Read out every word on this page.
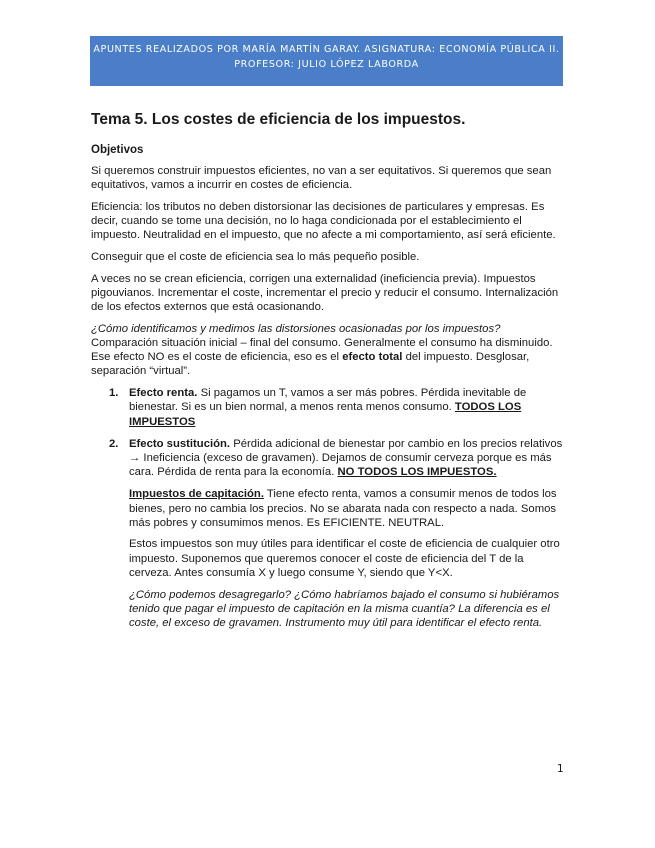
APUNTES REALIZADOS POR MARÍA MARTÍN GARAY. ASIGNATURA: ECONOMÍA PÚBLICA II.
PROFESOR: JULIO LÓPEZ LABORDA
Tema 5. Los costes de eficiencia de los impuestos.
Objetivos

Si queremos construir impuestos eficientes, no van a ser equitativos. Si queremos que sean equitativos, vamos a incurrir en costes de eficiencia.

Eficiencia: los tributos no deben distorsionar las decisiones de particulares y empresas. Es decir, cuando se tome una decisión, no lo haga condicionada por el establecimiento el impuesto. Neutralidad en el impuesto, que no afecte a mi comportamiento, así será eficiente.

Conseguir que el coste de eficiencia sea lo más pequeño posible.

A veces no se crean eficiencia, corrigen una externalidad (ineficiencia previa). Impuestos pigouvianos. Incrementar el coste, incrementar el precio y reducir el consumo. Internalización de los efectos externos que está ocasionando.

¿Cómo identificamos y medimos las distorsiones ocasionadas por los impuestos? Comparación situación inicial – final del consumo. Generalmente el consumo ha disminuido. Ese efecto NO es el coste de eficiencia, eso es el efecto total del impuesto. Desglosar, separación “virtual”.

1. Efecto renta. Si pagamos un T, vamos a ser más pobres. Pérdida inevitable de bienestar. Si es un bien normal, a menos renta menos consumo. TODOS LOS IMPUESTOS

2. Efecto sustitución. Pérdida adicional de bienestar por cambio en los precios relativos → Ineficiencia (exceso de gravamen). Dejamos de consumir cerveza porque es más cara. Pérdida de renta para la economía. NO TODOS LOS IMPUESTOS.

Impuestos de capitación. Tiene efecto renta, vamos a consumir menos de todos los bienes, pero no cambia los precios. No se abarata nada con respecto a nada. Somos más pobres y consumimos menos. Es EFICIENTE. NEUTRAL.

Estos impuestos son muy útiles para identificar el coste de eficiencia de cualquier otro impuesto. Suponemos que queremos conocer el coste de eficiencia del T de la cerveza. Antes consumía X y luego consume Y, siendo que Y<X.

¿Cómo podemos desagregarlo? ¿Cómo habríamos bajado el consumo si hubiéramos tenido que pagar el impuesto de capitación en la misma cuantía? La diferencia es el coste, el exceso de gravamen. Instrumento muy útil para identificar el efecto renta.

1
